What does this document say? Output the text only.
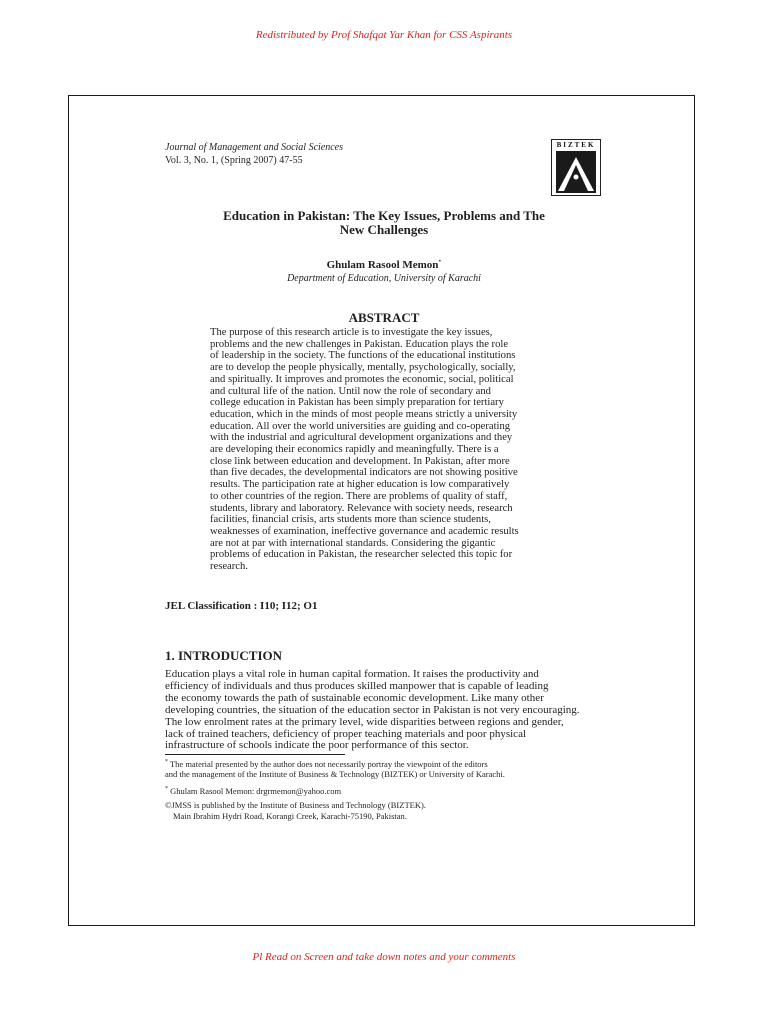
Redistributed by Prof Shafqat Yar Khan for CSS Aspirants
Journal of Management and Social Sciences
Vol. 3, No. 1, (Spring 2007) 47-55
BIZTEK
Education in Pakistan: The Key Issues, Problems and The
New Challenges
Ghulam Rasool Memon*
Department of Education, University of Karachi
ABSTRACT
The purpose of this research article is to investigate the key issues,
problems and the new challenges in Pakistan. Education plays the role
of leadership in the society. The functions of the educational institutions
are to develop the people physically, mentally, psychologically, socially,
and spiritually. It improves and promotes the economic, social, political
and cultural life of the nation. Until now the role of secondary and
college education in Pakistan has been simply preparation for tertiary
education, which in the minds of most people means strictly a university
education. All over the world universities are guiding and co-operating
with the industrial and agricultural development organizations and they
are developing their economics rapidly and meaningfully. There is a
close link between education and development. In Pakistan, after more
than five decades, the developmental indicators are not showing positive
results. The participation rate at higher education is low comparatively
to other countries of the region. There are problems of quality of staff,
students, library and laboratory. Relevance with society needs, research
facilities, financial crisis, arts students more than science students,
weaknesses of examination, ineffective governance and academic results
are not at par with international standards. Considering the gigantic
problems of education in Pakistan, the researcher selected this topic for
research.
JEL Classification : I10; I12; O1
1. INTRODUCTION
Education plays a vital role in human capital formation. It raises the productivity and
efficiency of individuals and thus produces skilled manpower that is capable of leading
the economy towards the path of sustainable economic development. Like many other
developing countries, the situation of the education sector in Pakistan is not very encouraging.
The low enrolment rates at the primary level, wide disparities between regions and gender,
lack of trained teachers, deficiency of proper teaching materials and poor physical
infrastructure of schools indicate the poor performance of this sector.
* The material presented by the author does not necessarily portray the viewpoint of the editors
and the management of the Institute of Business & Technology (BIZTEK) or University of Karachi.
* Ghulam Rasool Memon: drgrmemon@yahoo.com
©JMSS is published by the Institute of Business and Technology (BIZTEK).
Main Ibrahim Hydri Road, Korangi Creek, Karachi-75190, Pakistan.
Pl Read on Screen and take down notes and your comments
